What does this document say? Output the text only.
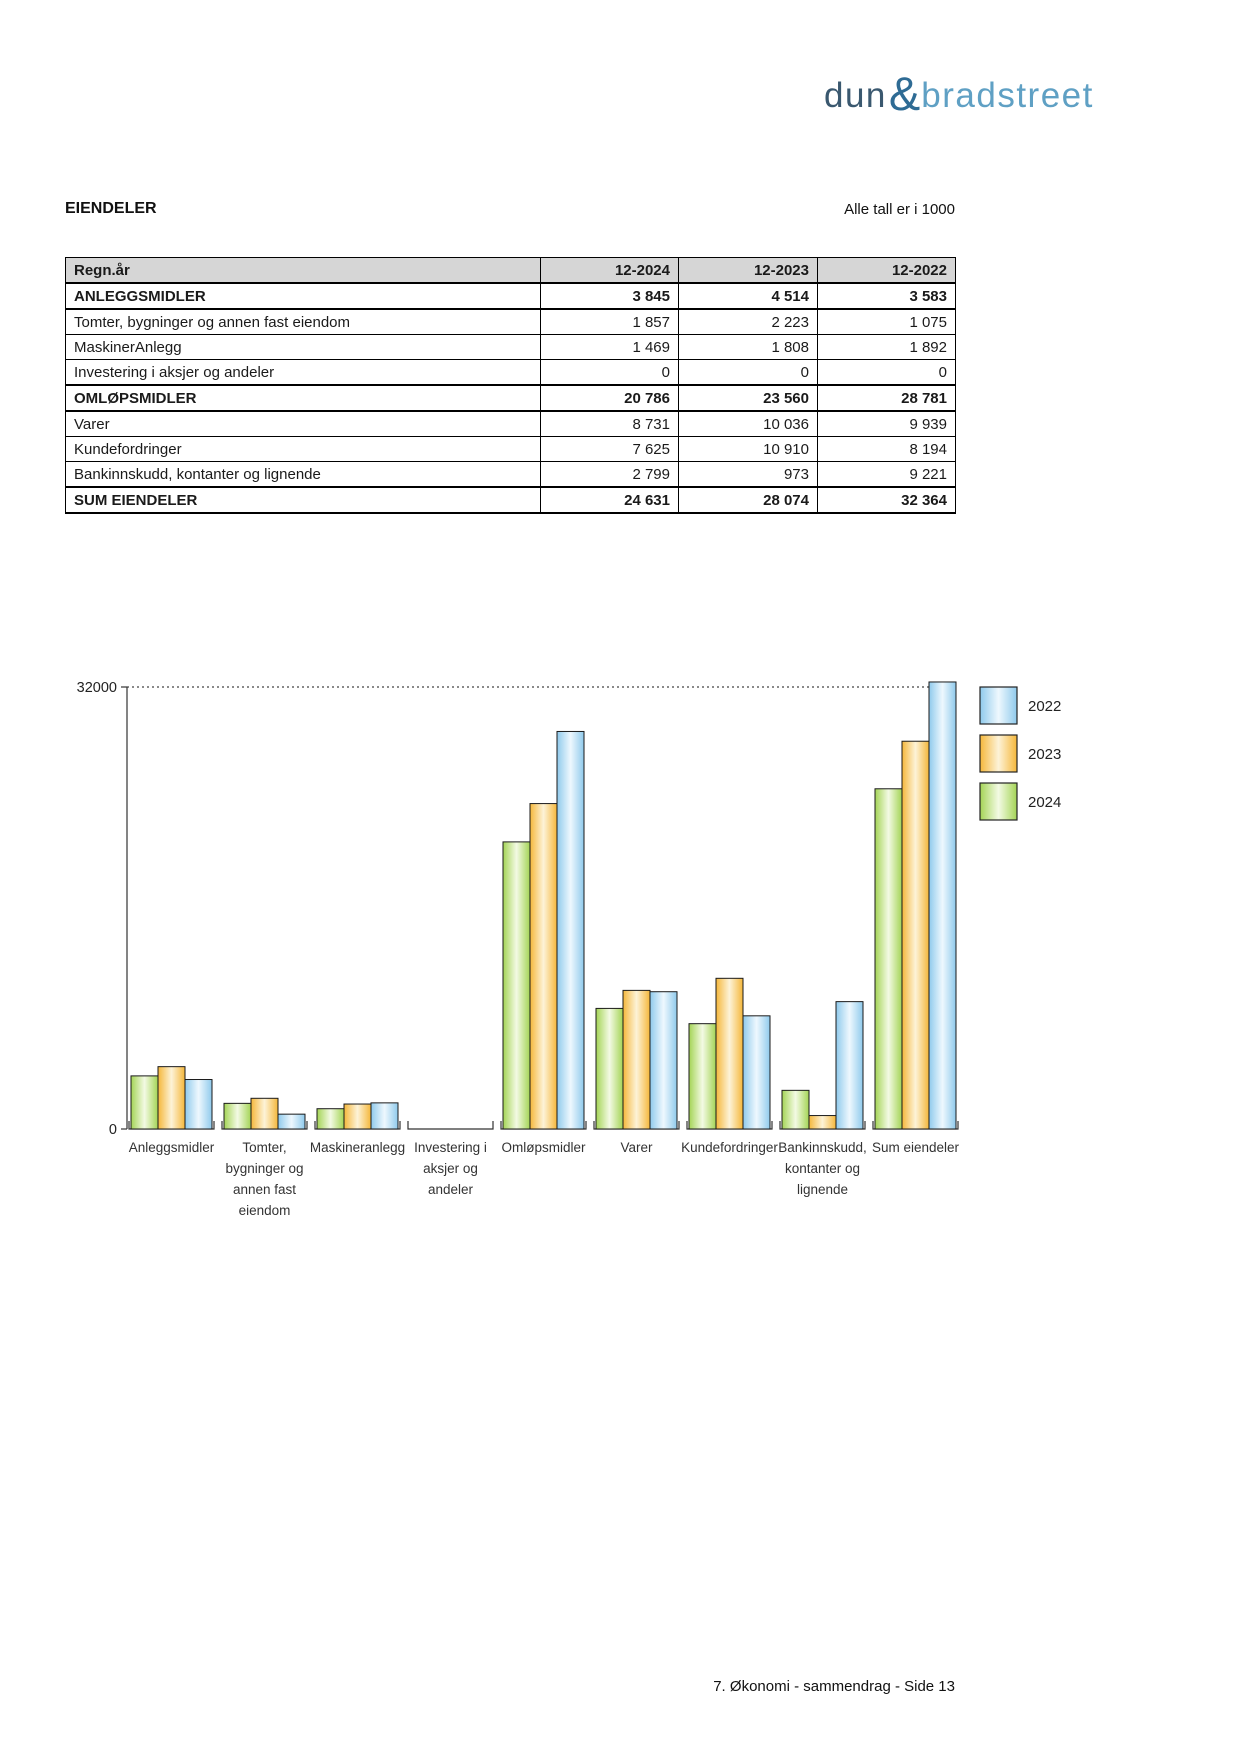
dun&bradstreet
EIENDELER	Alle tall er i 1000
Regn.år	12-2024	12-2023	12-2022
ANLEGGSMIDLER	3 845	4 514	3 583
Tomter, bygninger og annen fast eiendom	1 857	2 223	1 075
MaskinerAnlegg	1 469	1 808	1 892
Investering i aksjer og andeler	0	0	0
OMLØPSMIDLER	20 786	23 560	28 781
Varer	8 731	10 036	9 939
Kundefordringer	7 625	10 910	8 194
Bankinnskudd, kontanter og lignende	2 799	973	9 221
SUM EIENDELER	24 631	28 074	32 364
32000
0
Anleggsmidler	Tomter, bygninger og annen fast eiendom
Maskineranlegg Investering i aksjer og andeler
Omløpsmidler	Varer Kundefordringer Bankinnskudd, kontanter og lignende
Sum eiendeler
2022
2023
2024
7. Økonomi - sammendrag - Side 13
